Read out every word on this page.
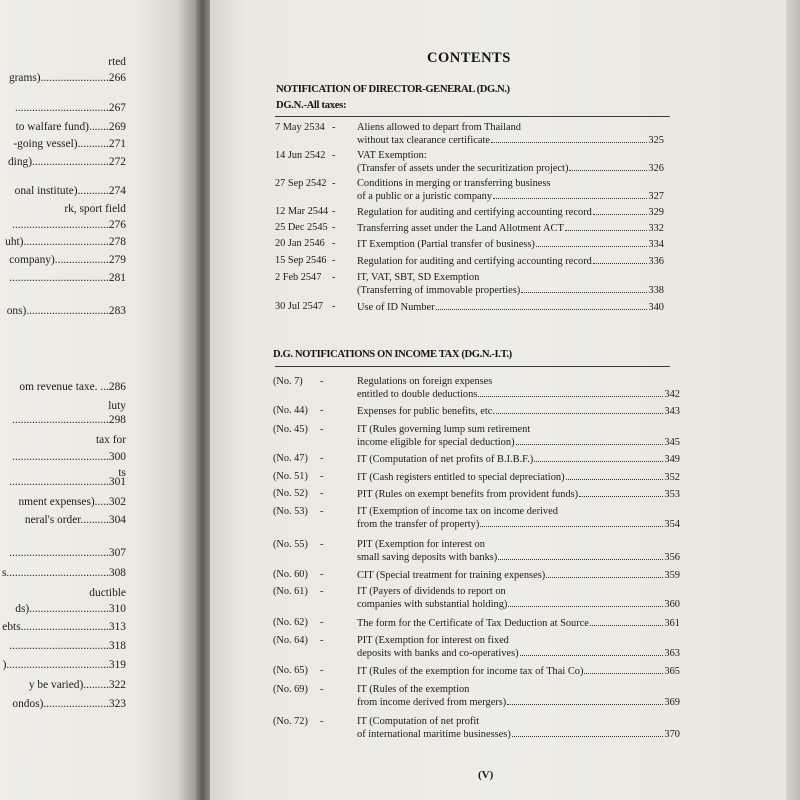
rted
grams)........................266
.................................267
to walfare fund).......269
-going vessel)...........271
ding)...........................272
onal institute)...........274
rk, sport field
..................................276
uht)..............................278
company)...................279
...................................281
ons).............................283
om revenue taxe. ...286
luty
..................................298
tax for
..................................300
ts
...................................301
nment expenses).....302
neral's order..........304
...................................307
s....................................308
ductible
ds)............................310
ebts...............................313
...................................318
)....................................319
y be varied).........322
ondos).......................323
CONTENTS
NOTIFICATION OF DIRECTOR-GENERAL (DG.N.)
DG.N.-All taxes:
7 May 2534 - Aliens allowed to depart from Thailand
without tax clearance certificate	325
14 Jun 2542 - VAT Exemption:
(Transfer of assets under the securitization project)	326
27 Sep 2542 - Conditions in merging or transferring business
of a public or a juristic company	327
12 Mar 2544 - Regulation for auditing and certifying accounting record	329
25 Dec 2545 - Transferring asset under the Land Allotment ACT	332
20 Jan 2546 - IT Exemption (Partial transfer of business)	334
15 Sep 2546 - Regulation for auditing and certifying accounting record	336
2 Feb 2547 - IT, VAT, SBT, SD Exemption
(Transferring of immovable properties)	338
30 Jul 2547 - Use of ID Number	340
D.G. NOTIFICATIONS ON INCOME TAX (DG.N.-I.T.)
(No. 7) -	Regulations on foreign expenses
entitled to double deductions	342
(No. 44) -	Expenses for public benefits, etc.	343
(No. 45) -	IT (Rules governing lump sum retirement
income eligible for special deduction)	345
(No. 47) -	IT (Computation of net profits of B.I.B.F.)	349
(No. 51) -	IT (Cash registers entitled to special depreciation)	352
(No. 52) -	PIT (Rules on exempt benefits from provident funds)	353
(No. 53) -	IT (Exemption of income tax on income derived
from the transfer of property)	354
(No. 55) -	PIT (Exemption for interest on
small saving deposits with banks)	356
(No. 60) -	CIT (Special treatment for training expenses)	359
(No. 61) -	IT (Payers of dividends to report on
companies with substantial holding)	360
(No. 62) -	The form for the Certificate of Tax Deduction at Source	361
(No. 64) -	PIT (Exemption for interest on fixed
deposits with banks and co-operatives)	363
(No. 65) -	IT (Rules of the exemption for income tax of Thai Co)	365
(No. 69) -	IT (Rules of the exemption
from income derived from mergers)	369
(No. 72) -	IT (Computation of net profit
of international maritime businesses)	370
(V)
